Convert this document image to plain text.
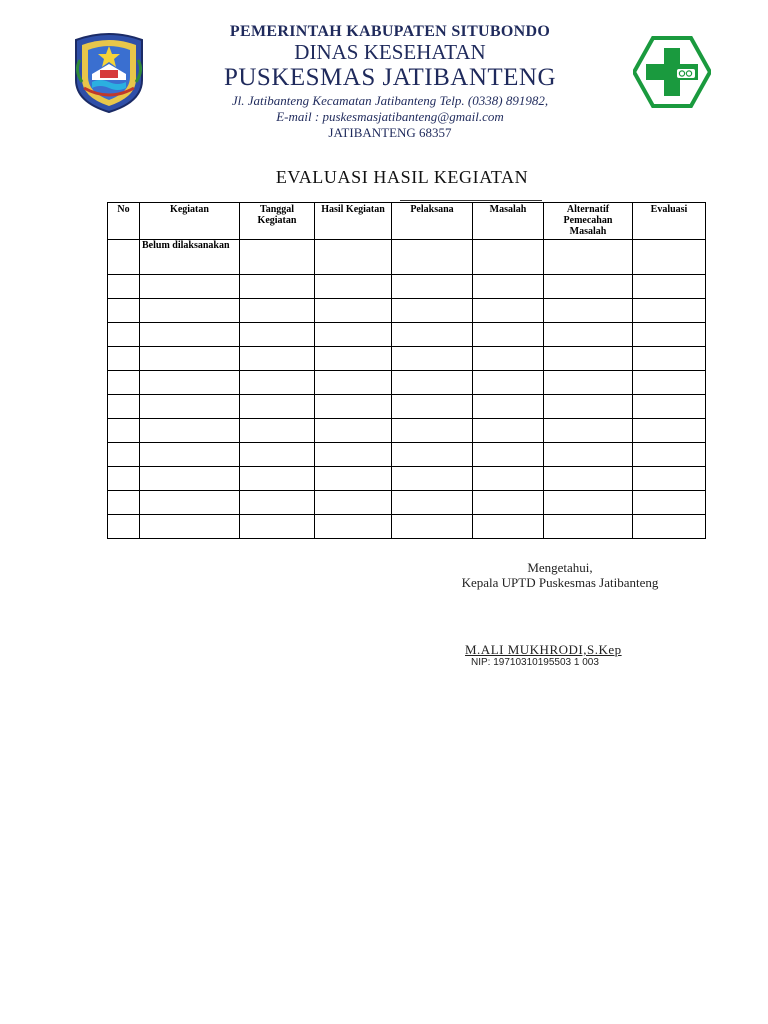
PEMERINTAH KABUPATEN SITUBONDO
DINAS KESEHATAN
PUSKESMAS JATIBANTENG
Jl. Jatibanteng Kecamatan Jatibanteng Telp. (0338) 891982,
E-mail : puskesmasjatibanteng@gmail.com
JATIBANTENG 68357
EVALUASI HASIL KEGIATAN
No	Kegiatan	Tanggal Kegiatan	Hasil Kegiatan	Pelaksana	Masalah	Alternatif Pemecahan Masalah	Evaluasi
	Belum dilaksanakan						

Mengetahui,
Kepala UPTD Puskesmas Jatibanteng
M.ALI MUKHRODI,S.Kep
NIP: 19710310195503 1 003
